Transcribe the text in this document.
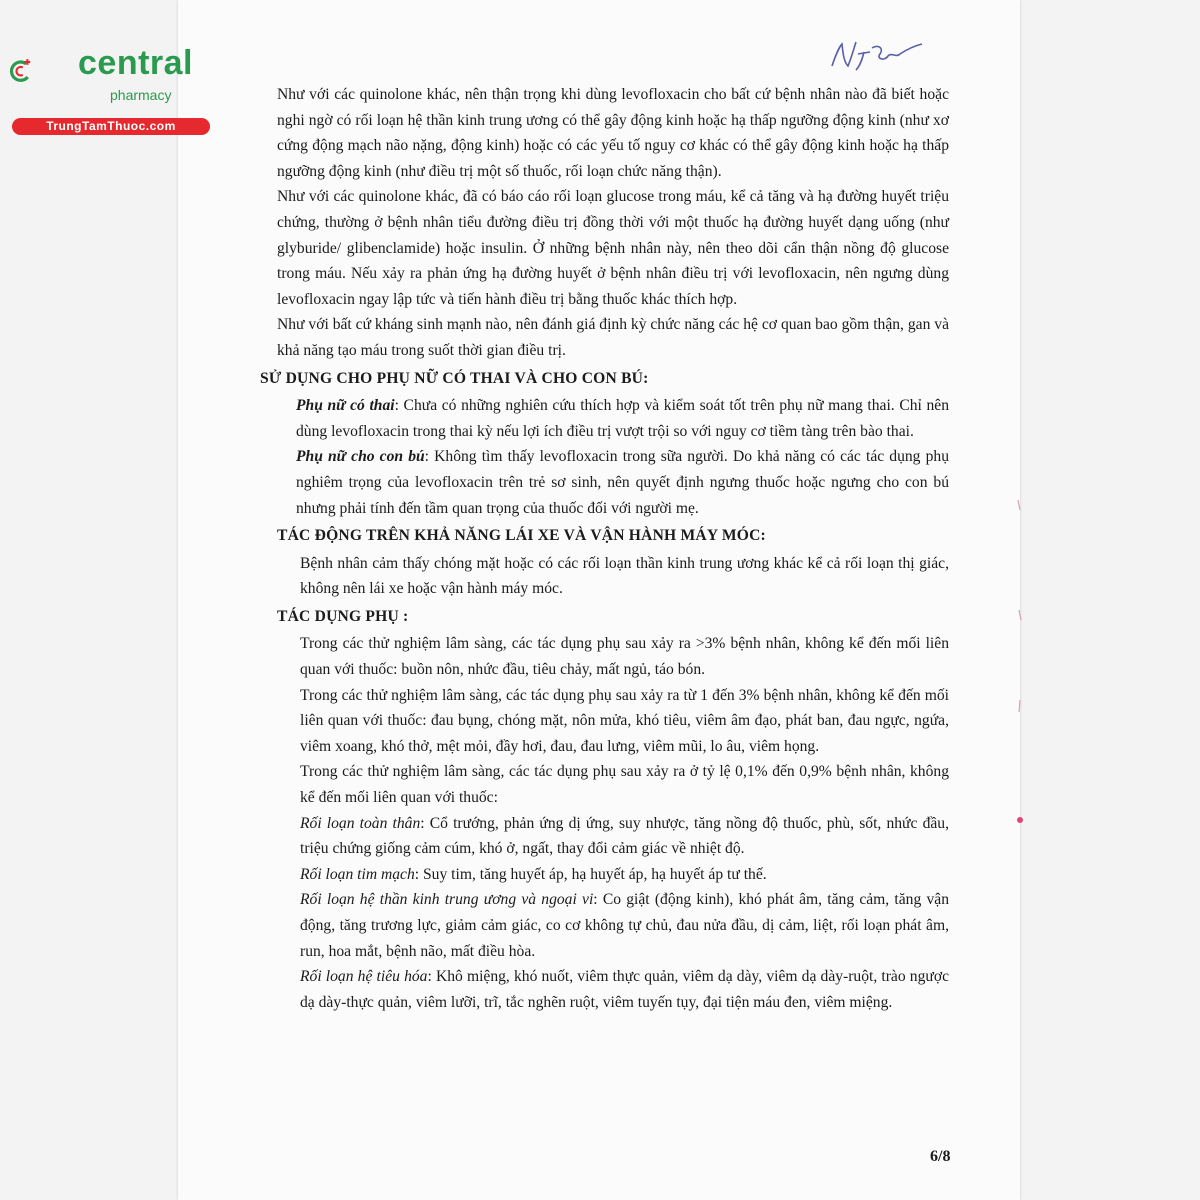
central
pharmacy
TrungTamThuoc.com

Như với các quinolone khác, nên thận trọng khi dùng levofloxacin cho bất cứ bệnh nhân nào đã biết hoặc nghi ngờ có rối loạn hệ thần kinh trung ương có thể gây động kinh hoặc hạ thấp ngưỡng động kinh (như xơ cứng động mạch não nặng, động kinh) hoặc có các yếu tố nguy cơ khác có thể gây động kinh hoặc hạ thấp ngưỡng động kinh (như điều trị một số thuốc, rối loạn chức năng thận).

Như với các quinolone khác, đã có báo cáo rối loạn glucose trong máu, kể cả tăng và hạ đường huyết triệu chứng, thường ở bệnh nhân tiểu đường điều trị đồng thời với một thuốc hạ đường huyết dạng uống (như glyburide/ glibenclamide) hoặc insulin. Ở những bệnh nhân này, nên theo dõi cẩn thận nồng độ glucose trong máu. Nếu xảy ra phản ứng hạ đường huyết ở bệnh nhân điều trị với levofloxacin, nên ngưng dùng levofloxacin ngay lập tức và tiến hành điều trị bằng thuốc khác thích hợp.

Như với bất cứ kháng sinh mạnh nào, nên đánh giá định kỳ chức năng các hệ cơ quan bao gồm thận, gan và khả năng tạo máu trong suốt thời gian điều trị.

SỬ DỤNG CHO PHỤ NỮ CÓ THAI VÀ CHO CON BÚ:

Phụ nữ có thai: Chưa có những nghiên cứu thích hợp và kiểm soát tốt trên phụ nữ mang thai. Chỉ nên dùng levofloxacin trong thai kỳ nếu lợi ích điều trị vượt trội so với nguy cơ tiềm tàng trên bào thai.

Phụ nữ cho con bú: Không tìm thấy levofloxacin trong sữa người. Do khả năng có các tác dụng phụ nghiêm trọng của levofloxacin trên trẻ sơ sinh, nên quyết định ngưng thuốc hoặc ngưng cho con bú nhưng phải tính đến tầm quan trọng của thuốc đối với người mẹ.

TÁC ĐỘNG TRÊN KHẢ NĂNG LÁI XE VÀ VẬN HÀNH MÁY MÓC:

Bệnh nhân cảm thấy chóng mặt hoặc có các rối loạn thần kinh trung ương khác kể cả rối loạn thị giác, không nên lái xe hoặc vận hành máy móc.

TÁC DỤNG PHỤ :

Trong các thử nghiệm lâm sàng, các tác dụng phụ sau xảy ra >3% bệnh nhân, không kể đến mối liên quan với thuốc: buồn nôn, nhức đầu, tiêu chảy, mất ngủ, táo bón.

Trong các thử nghiệm lâm sàng, các tác dụng phụ sau xảy ra từ 1 đến 3% bệnh nhân, không kể đến mối liên quan với thuốc: đau bụng, chóng mặt, nôn mửa, khó tiêu, viêm âm đạo, phát ban, đau ngực, ngứa, viêm xoang, khó thở, mệt mỏi, đầy hơi, đau, đau lưng, viêm mũi, lo âu, viêm họng.

Trong các thử nghiệm lâm sàng, các tác dụng phụ sau xảy ra ở tỷ lệ 0,1% đến 0,9% bệnh nhân, không kể đến mối liên quan với thuốc:

Rối loạn toàn thân: Cổ trướng, phản ứng dị ứng, suy nhược, tăng nồng độ thuốc, phù, sốt, nhức đầu, triệu chứng giống cảm cúm, khó ở, ngất, thay đổi cảm giác về nhiệt độ.

Rối loạn tim mạch: Suy tim, tăng huyết áp, hạ huyết áp, hạ huyết áp tư thế.

Rối loạn hệ thần kinh trung ương và ngoại vi: Co giật (động kinh), khó phát âm, tăng cảm, tăng vận động, tăng trương lực, giảm cảm giác, co cơ không tự chủ, đau nửa đầu, dị cảm, liệt, rối loạn phát âm, run, hoa mắt, bệnh não, mất điều hòa.

Rối loạn hệ tiêu hóa: Khô miệng, khó nuốt, viêm thực quản, viêm dạ dày, viêm dạ dày-ruột, trào ngược dạ dày-thực quản, viêm lưỡi, trĩ, tắc nghẽn ruột, viêm tuyến tụy, đại tiện máu đen, viêm miệng.

6/8
